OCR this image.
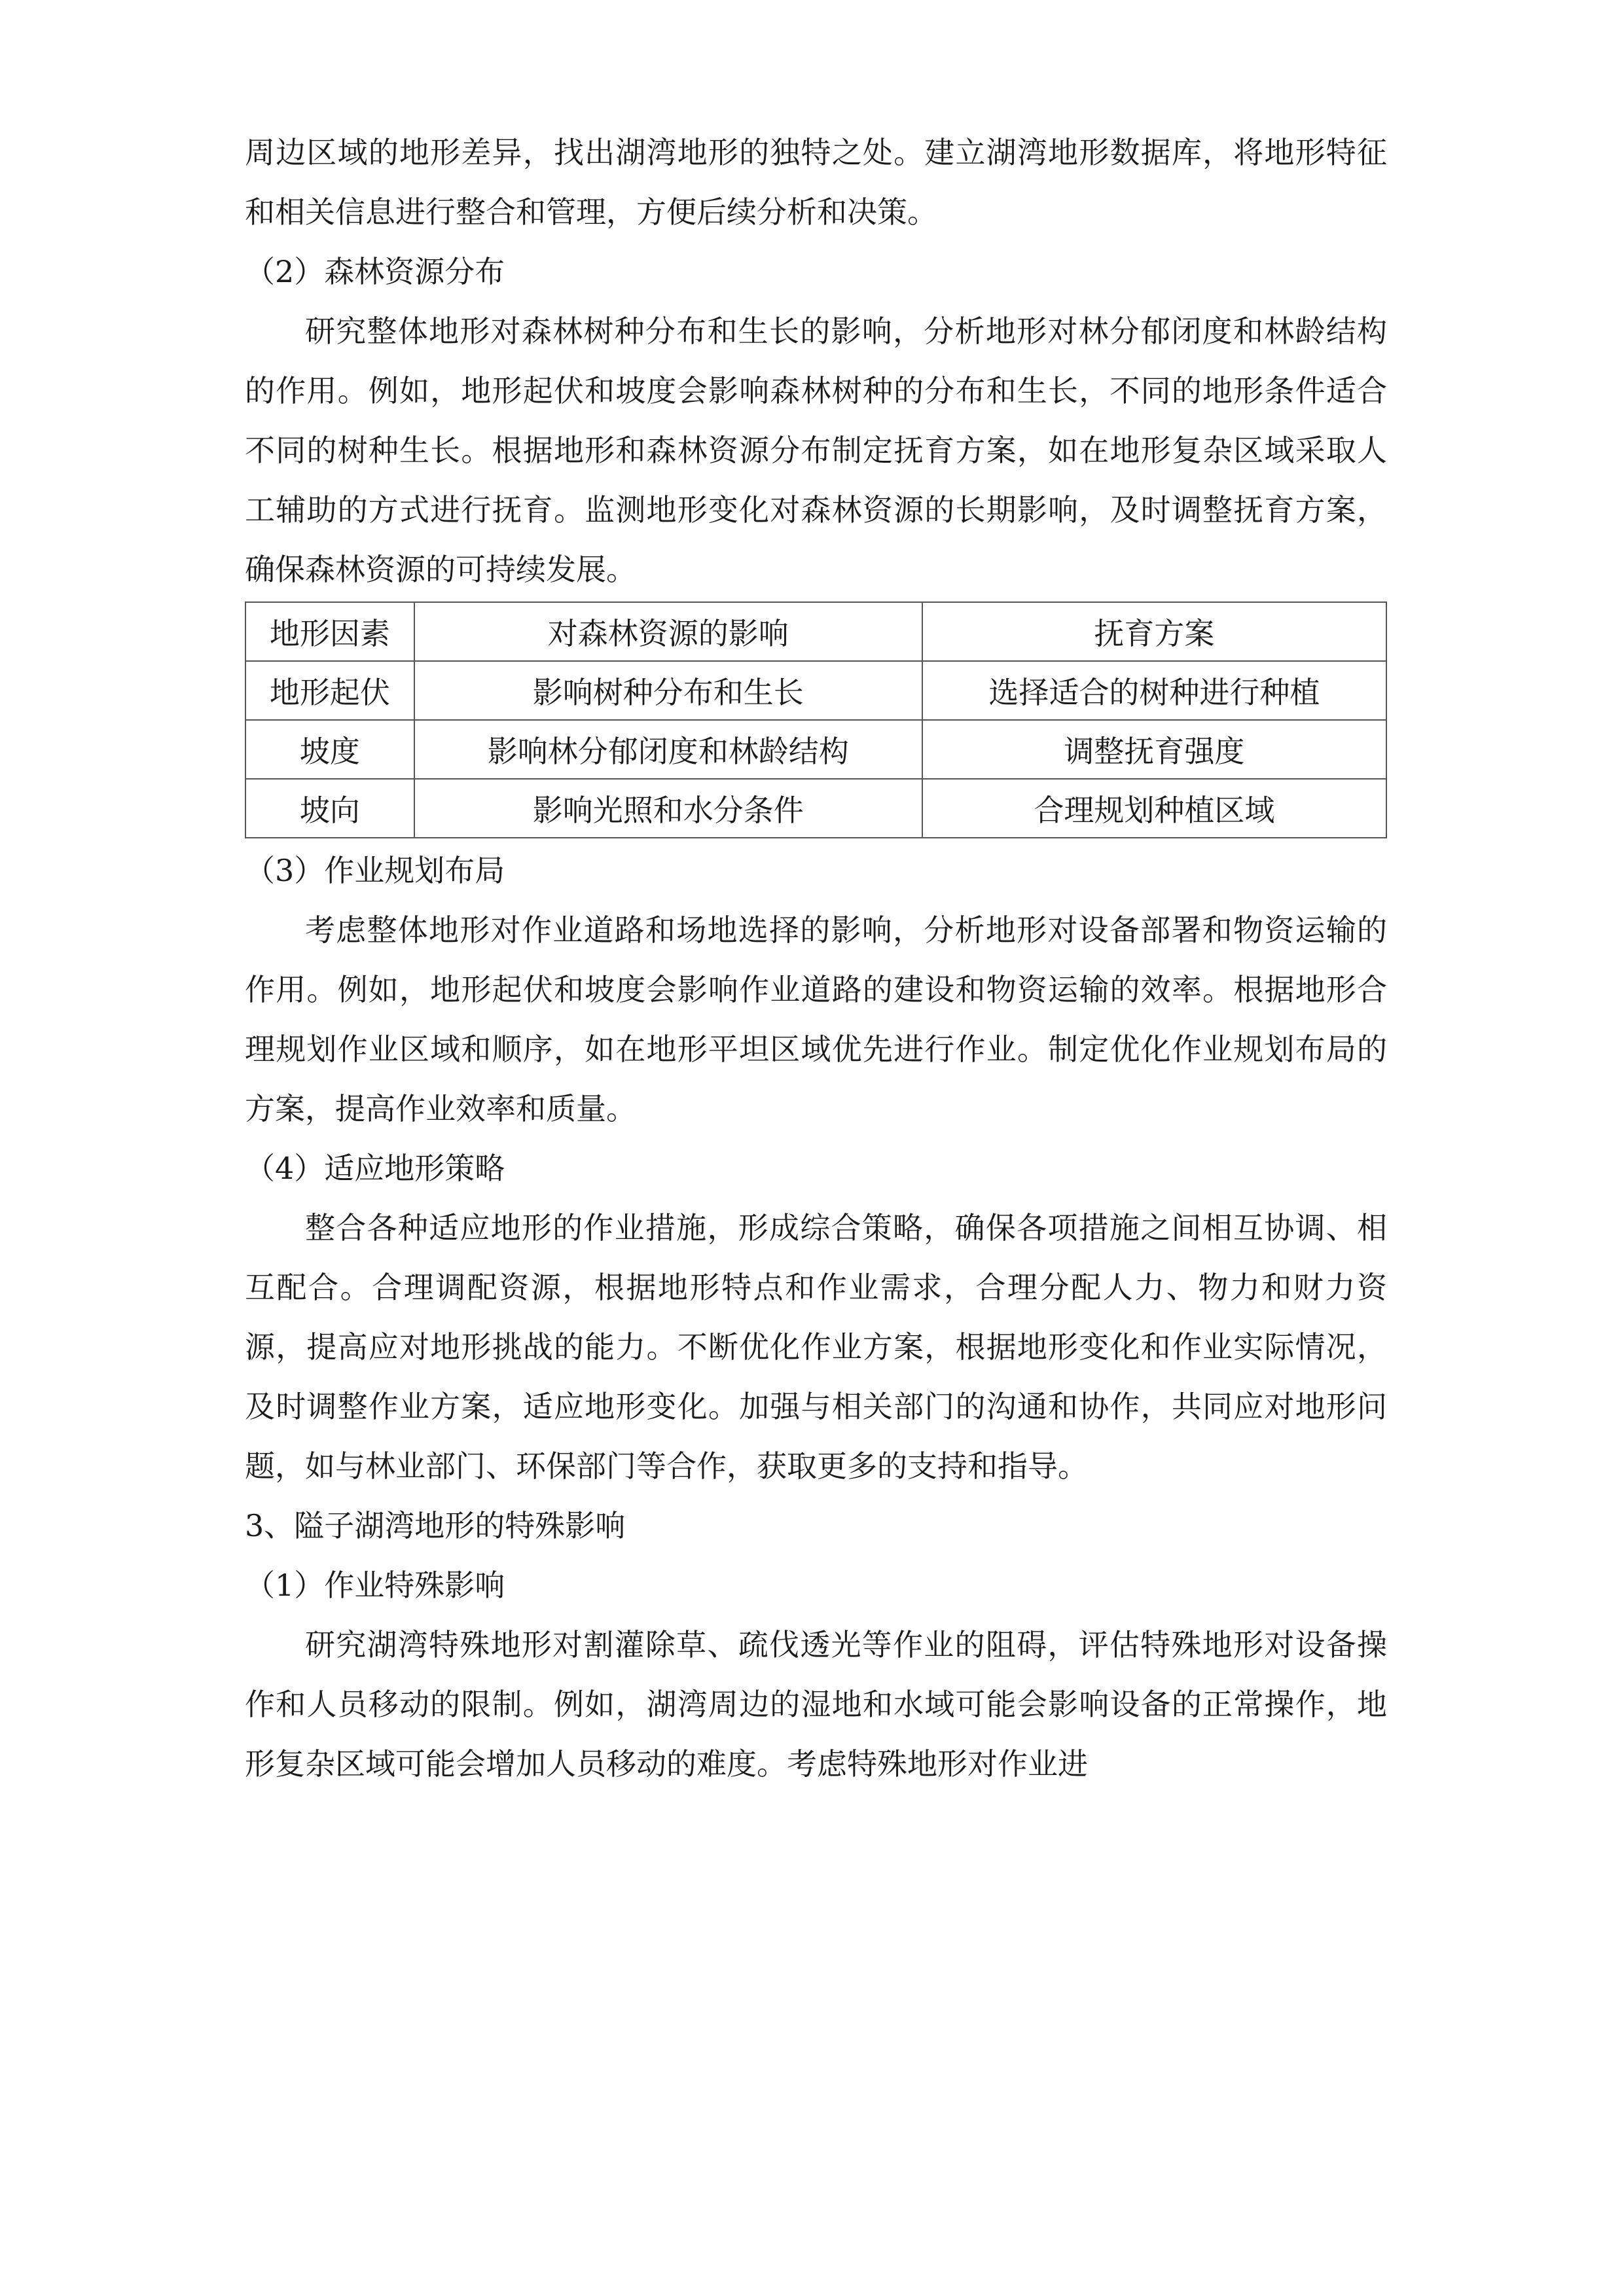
周边区域的地形差异，找出湖湾地形的独特之处。建立湖湾地形数据库，将地形特征和相关信息进行整合和管理，方便后续分析和决策。

（2）森林资源分布

研究整体地形对森林树种分布和生长的影响，分析地形对林分郁闭度和林龄结构的作用。例如，地形起伏和坡度会影响森林树种的分布和生长，不同的地形条件适合不同的树种生长。根据地形和森林资源分布制定抚育方案，如在地形复杂区域采取人工辅助的方式进行抚育。监测地形变化对森林资源的长期影响，及时调整抚育方案，确保森林资源的可持续发展。

地形因素	对森林资源的影响	抚育方案
地形起伏	影响树种分布和生长	选择适合的树种进行种植
坡度	影响林分郁闭度和林龄结构	调整抚育强度
坡向	影响光照和水分条件	合理规划种植区域

（3）作业规划布局

考虑整体地形对作业道路和场地选择的影响，分析地形对设备部署和物资运输的作用。例如，地形起伏和坡度会影响作业道路的建设和物资运输的效率。根据地形合理规划作业区域和顺序，如在地形平坦区域优先进行作业。制定优化作业规划布局的方案，提高作业效率和质量。

（4）适应地形策略

整合各种适应地形的作业措施，形成综合策略，确保各项措施之间相互协调、相互配合。合理调配资源，根据地形特点和作业需求，合理分配人力、物力和财力资源，提高应对地形挑战的能力。不断优化作业方案，根据地形变化和作业实际情况，及时调整作业方案，适应地形变化。加强与相关部门的沟通和协作，共同应对地形问题，如与林业部门、环保部门等合作，获取更多的支持和指导。

3、隘子湖湾地形的特殊影响

（1）作业特殊影响

研究湖湾特殊地形对割灌除草、疏伐透光等作业的阻碍，评估特殊地形对设备操作和人员移动的限制。例如，湖湾周边的湿地和水域可能会影响设备的正常操作，地形复杂区域可能会增加人员移动的难度。考虑特殊地形对作业进
